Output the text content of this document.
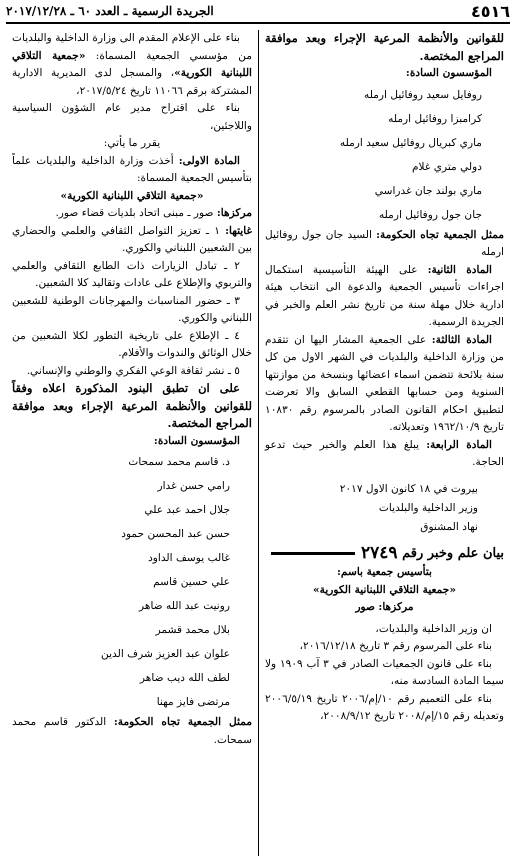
٤٥١٦
الجريدة الرسمية ـ العدد ٦٠ ـ ٢٠١٧/١٢/٢٨

للقوانين والأنظمة المرعية الإجراء وبعد موافقة المراجع المختصة.

المؤسسون السادة:

روفايل سعيد روفائيل ارمله
كرامبزا روفائيل ارمله
ماري كبريال روفائيل سعيد ارمله
دولي متري غلام
ماري بولند جان غدراسي
جان جول روفائيل ارمله

ممثل الجمعية تجاه الحكومة: السيد جان جول روفائيل ارمله

المادة الثانية: على الهيئة التأسيسية استكمال اجراءات تأسيس الجمعية والدعوة الى انتخاب هيئة ادارية خلال مهلة سنة من تاريخ نشر العلم والخبر في الجريدة الرسمية.

المادة الثالثة: على الجمعية المشار اليها ان تتقدم من وزارة الداخلية والبلديات في الشهر الاول من كل سنة بلائحة تتضمن اسماء اعضائها وبنسخة من موازنتها السنوية ومن حسابها القطعي السابق والا تعرضت لتطبيق احكام القانون الصادر بالمرسوم رقم ١٠٨٣٠ تاريخ ١٩٦٢/١٠/٩ وتعديلاته.

المادة الرابعة: يبلغ هذا العلم والخبر حيث تدعو الحاجة.

بيروت في ١٨ كانون الاول ٢٠١٧
وزير الداخلية والبلديات
نهاد المشنوق
بيان علم وخبر رقم

٢٧٤٩

بتأسيس جمعية باسم:

«جمعية التلاقي اللبنانية الكورية»

مركزها: صور

ان وزير الداخلية والبلديات،

بناء على المرسوم رقم ٣ تاريخ ٢٠١٦/١٢/١٨،

بناء على قانون الجمعيات الصادر في ٣ آب ١٩٠٩ ولا سيما المادة السادسة منه،

بناء على التعميم رقم ١٠/إم/٢٠٠٦ تاريخ ٢٠٠٦/٥/١٩ وتعديله رقم ١٥/إم/٢٠٠٨ تاريخ ٢٠٠٨/٩/١٢،

بناء على الإعلام المقدم الى وزارة الداخلية والبلديات من مؤسسي الجمعية المسماة: «جمعية التلاقي اللبنانية الكورية»، والمسجل لدى المديرية الادارية المشتركة برقم ١١٠٦٦ تاريخ ٢٠١٧/٥/٢٤،

بناء على اقتراح مدير عام الشؤون السياسية واللاجئين،

يقرر ما يأتي:

المادة الاولى: أخذت وزارة الداخلية والبلديات علماً بتأسيس الجمعية المسماة:

«جمعية التلاقي اللبنانية الكورية»

مركزها: صور ـ مبنى اتحاد بلديات قضاء صور.

غايتها: ١ ـ تعزيز التواصل الثقافي والعلمي والحضاري بين الشعبين اللبناني والكوري.

٢ ـ تبادل الزيارات ذات الطابع الثقافي والعلمي والتربوي والإطلاع على عادات وتقاليد كلا الشعبين.

٣ ـ حضور المناسبات والمهرجانات الوطنية للشعبين اللبناني والكوري.

٤ ـ الإطلاع على تاريخية التطور لكلا الشعبين من خلال الوثائق والندوات والأفلام.

٥ ـ نشر ثقافة الوعي الفكري والوطني والإنساني.

على ان تطبق البنود المذكورة اعلاه وفقاً للقوانين والأنظمة المرعية الإجراء وبعد موافقة المراجع المختصة.

المؤسسون السادة:

د. قاسم محمد سمحات
رامي حسن غدار
جلال احمد عبد علي
حسن عبد المحسن حمود
غالب يوسف الداود
علي حسين قاسم
رونيت عبد الله ضاهر
بلال محمد قشمر
علوان عبد العزيز شرف الدين
لطف الله ديب ضاهر
مرتضى فايز مهنا

ممثل الجمعية تجاه الحكومة: الدكتور قاسم محمد سمحات.
